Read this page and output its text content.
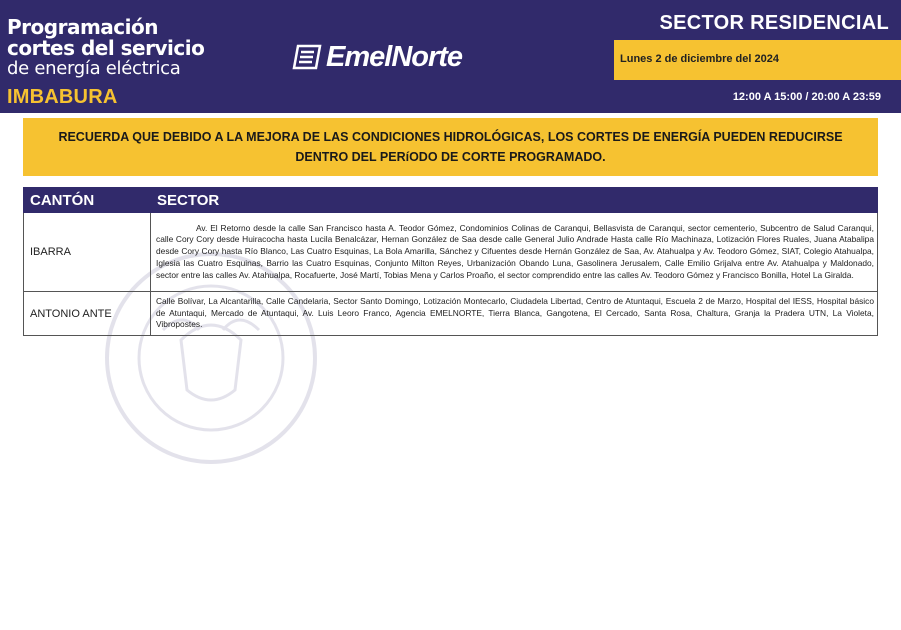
Programación
cortes del servicio
de energía eléctrica
IMBABURA
EmelNorte
SECTOR RESIDENCIAL
Lunes 2 de diciembre del 2024
12:00 A 15:00 / 20:00 A 23:59
RECUERDA QUE DEBIDO A LA MEJORA DE LAS CONDICIONES HIDROLÓGICAS, LOS CORTES DE ENERGÍA PUEDEN REDUCIRSE DENTRO DEL PERíODO DE CORTE PROGRAMADO.
CANTÓN	SECTOR
IBARRA	Av. El Retorno desde la calle San Francisco hasta A. Teodor Gómez, Condominios Colinas de Caranqui, Bellasvista de Caranqui, sector cementerio, Subcentro de Salud Caranqui, calle Cory Cory desde Huiracocha hasta Lucila Benalcázar, Hernan González de Saa desde calle General Julio Andrade Hasta calle Río Machinaza, Lotización Flores Ruales, Juana Atabalipa desde Cory Cory hasta Río Blanco, Las Cuatro Esquinas, La Bola Amarilla, Sánchez y Cifuentes desde Hernán González de Saa, Av. Atahualpa y Av. Teodoro Gómez, SIAT, Colegio Atahualpa, Iglesia las Cuatro Esquinas, Barrio las Cuatro Esquinas, Conjunto Milton Reyes, Urbanización Obando Luna, Gasolinera Jerusalem, Calle Emilio Grijalva entre Av. Atahualpa y Maldonado, sector entre las calles Av. Atahualpa, Rocafuerte, José Martí, Tobias Mena y Carlos Proaño, el sector comprendido entre las calles Av. Teodoro Gómez y Francisco Bonilla, Hotel La Giralda.
ANTONIO ANTE	Calle Bolívar, La Alcantarilla, Calle Candelaria, Sector Santo Domingo, Lotización Montecarlo, Ciudadela Libertad, Centro de Atuntaqui, Escuela 2 de Marzo, Hospital del IESS, Hospital básico de Atuntaqui, Mercado de Atuntaqui, Av. Luis Leoro Franco, Agencia EMELNORTE, Tierra Blanca, Gangotena, El Cercado, Santa Rosa, Chaltura, Granja la Pradera UTN, La Violeta, Vibropostes.
